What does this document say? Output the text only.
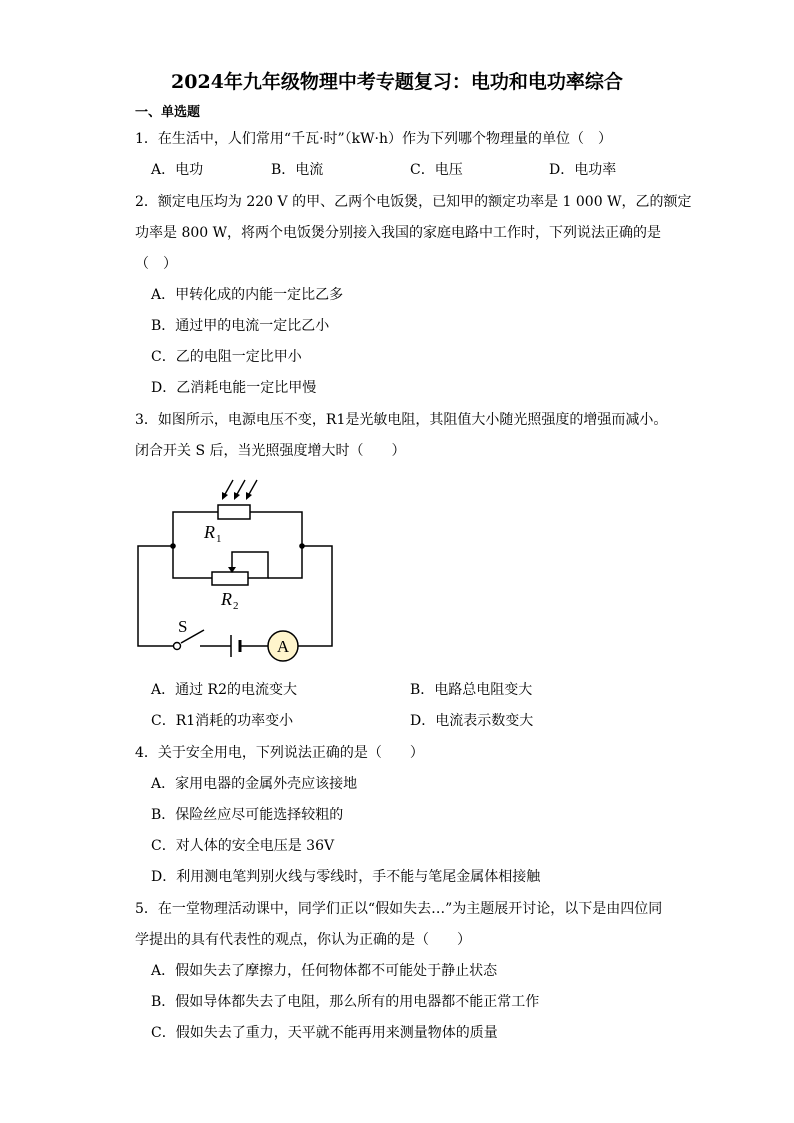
2024年九年级物理中考专题复习：电功和电功率综合
一、单选题
1．在生活中，人们常用“千瓦·时”（kW·h）作为下列哪个物理量的单位（　）
A．电功	B．电流	C．电压	D．电功率
2．额定电压均为 220 V 的甲、乙两个电饭煲，已知甲的额定功率是 1 000 W，乙的额定
功率是 800 W，将两个电饭煲分别接入我国的家庭电路中工作时，下列说法正确的是
（　）
A．甲转化成的内能一定比乙多
B．通过甲的电流一定比乙小
C．乙的电阻一定比甲小
D．乙消耗电能一定比甲慢
3．如图所示，电源电压不变，R1是光敏电阻，其阻值大小随光照强度的增强而减小。
闭合开关 S 后，当光照强度增大时（　　）
A
R 1
R 2
S
A．通过 R2的电流变大	B．电路总电阻变大
C．R1消耗的功率变小	D．电流表示数变大
4．关于安全用电，下列说法正确的是（　　）
A．家用电器的金属外壳应该接地
B．保险丝应尽可能选择较粗的
C．对人体的安全电压是 36V
D．利用测电笔判别火线与零线时，手不能与笔尾金属体相接触
5．在一堂物理活动课中，同学们正以“假如失去…”为主题展开讨论，以下是由四位同
学提出的具有代表性的观点，你认为正确的是（　　）
A．假如失去了摩擦力，任何物体都不可能处于静止状态
B．假如导体都失去了电阻，那么所有的用电器都不能正常工作
C．假如失去了重力，天平就不能再用来测量物体的质量
